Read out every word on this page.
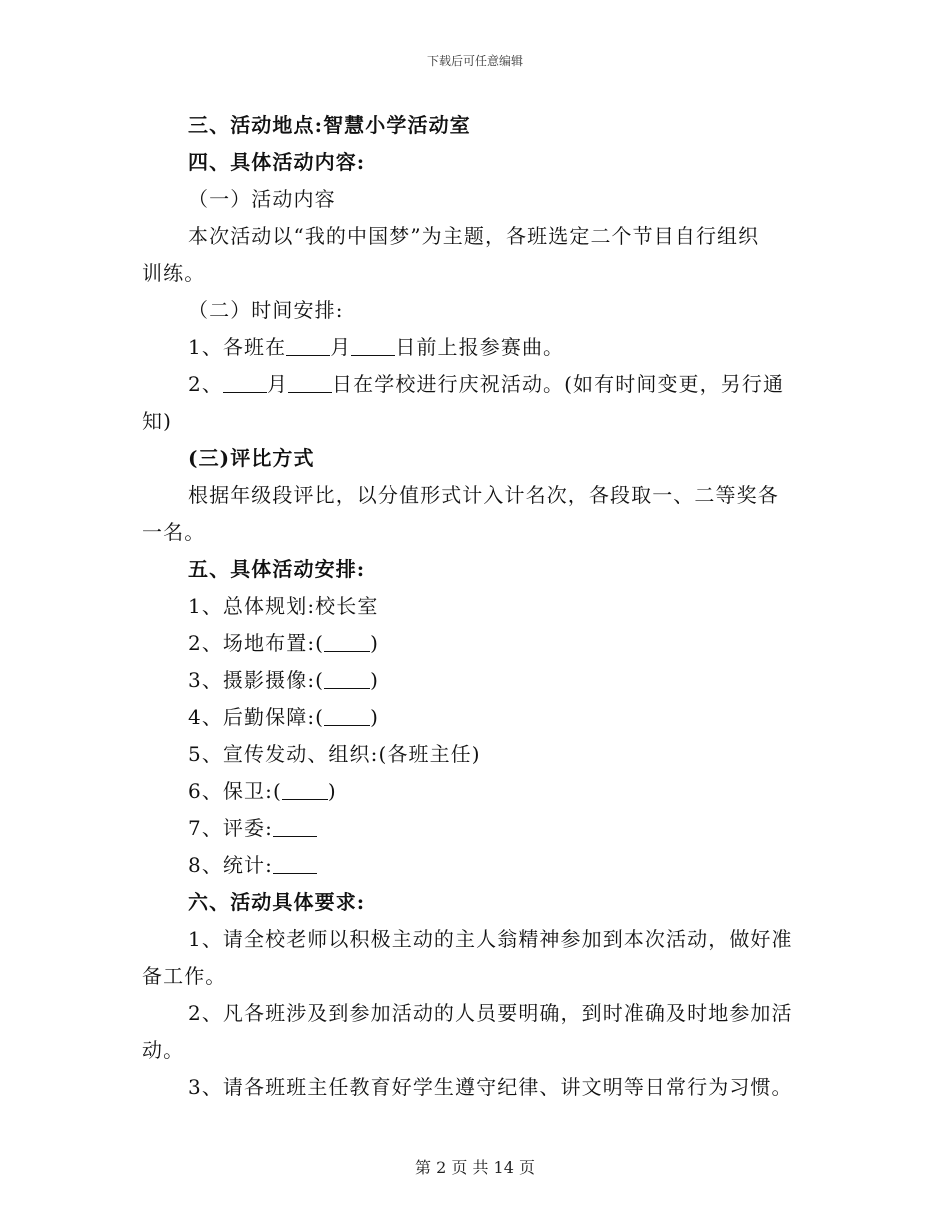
下载后可任意编辑
三、活动地点:智慧小学活动室
四、具体活动内容:
（一）活动内容
本次活动以“我的中国梦”为主题，各班选定二个节目自行组织
训练。
（二）时间安排:
1、各班在 月 日前上报参赛曲。
2、 月 日在学校进行庆祝活动。(如有时间变更，另行通
知)
(三)评比方式
根据年级段评比，以分值形式计入计名次，各段取一、二等奖各
一名。
五、具体活动安排:
1、总体规划:校长室
2、场地布置:( )
3、摄影摄像:( )
4、后勤保障:( )
5、宣传发动、组织:(各班主任)
6、保卫:( )
7、评委:
8、统计:
六、活动具体要求:
1、请全校老师以积极主动的主人翁精神参加到本次活动，做好准
备工作。
2、凡各班涉及到参加活动的人员要明确，到时准确及时地参加活
动。
3、请各班班主任教育好学生遵守纪律、讲文明等日常行为习惯。
第 2 页 共 14 页
